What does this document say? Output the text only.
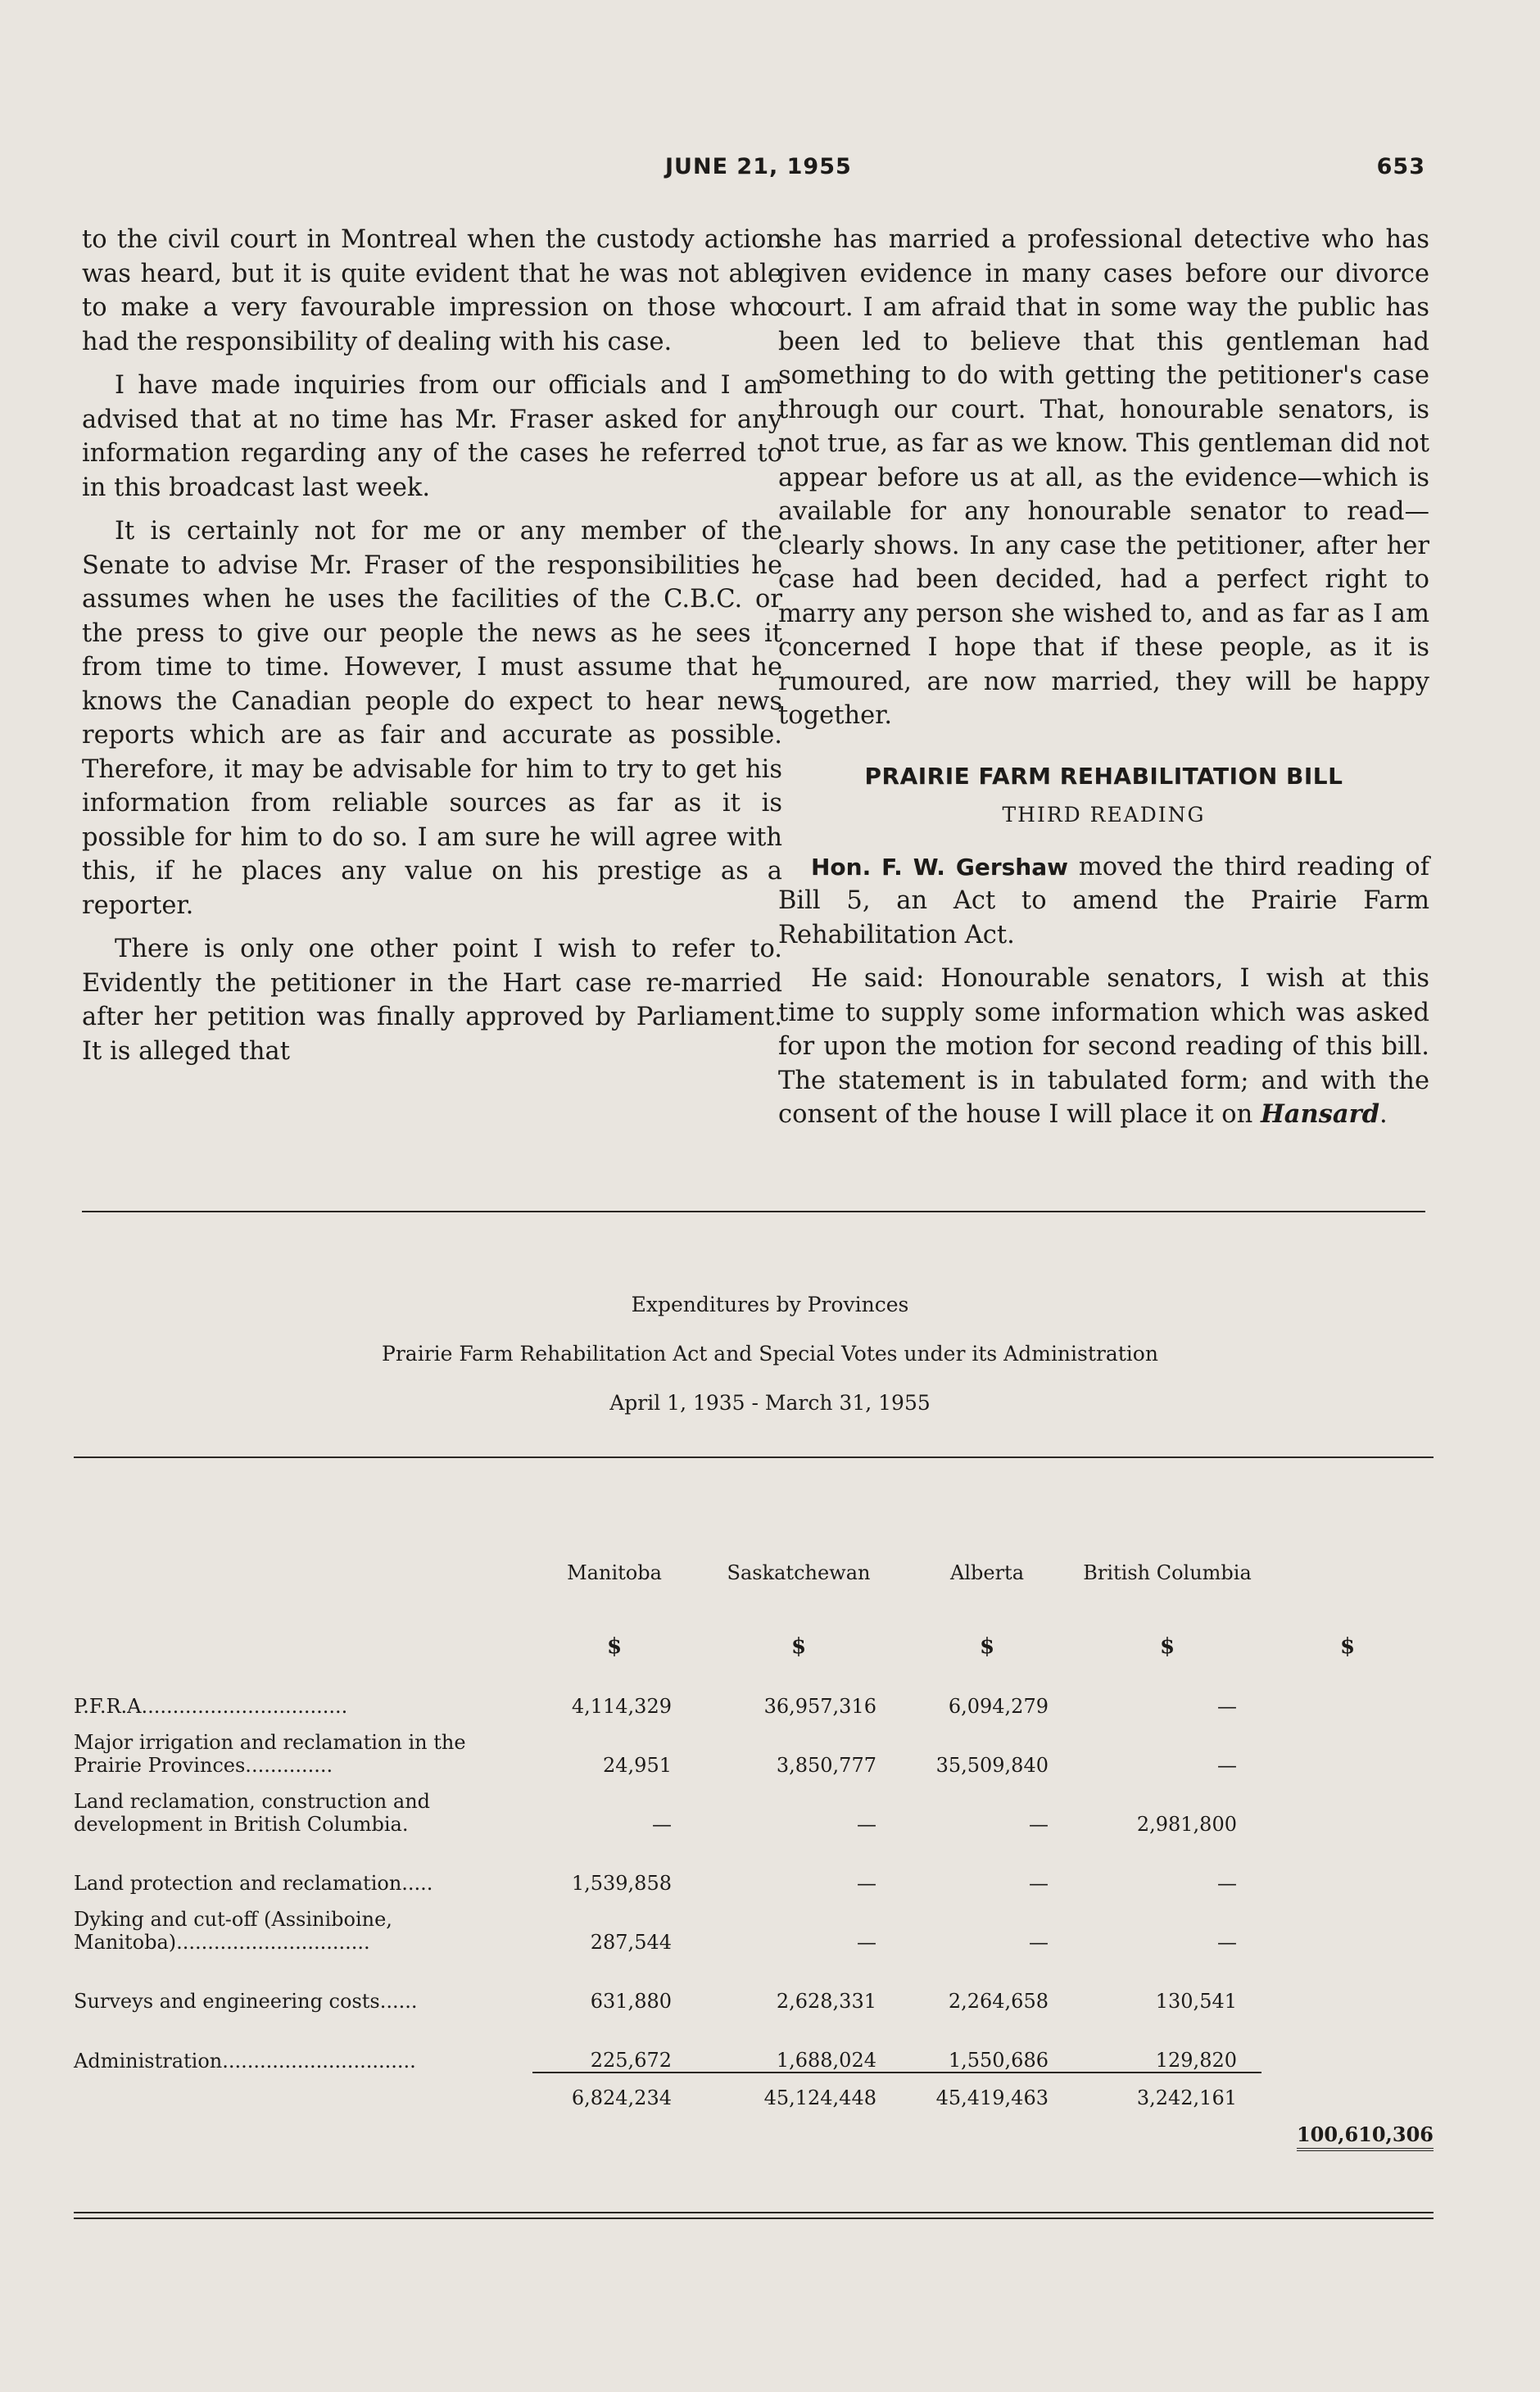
JUNE 21, 1955	653

to the civil court in Montreal when the custody action was heard, but it is quite evident that he was not able to make a very favourable impression on those who had the responsibility of dealing with his case.

I have made inquiries from our officials and I am advised that at no time has Mr. Fraser asked for any information regarding any of the cases he referred to in this broadcast last week.

It is certainly not for me or any member of the Senate to advise Mr. Fraser of the responsibilities he assumes when he uses the facilities of the C.B.C. or the press to give our people the news as he sees it from time to time. However, I must assume that he knows the Canadian people do expect to hear news reports which are as fair and accurate as possible. Therefore, it may be advisable for him to try to get his information from reliable sources as far as it is possible for him to do so. I am sure he will agree with this, if he places any value on his prestige as a reporter.

There is only one other point I wish to refer to. Evidently the petitioner in the Hart case re-married after her petition was finally approved by Parliament. It is alleged that

she has married a professional detective who has given evidence in many cases before our divorce court. I am afraid that in some way the public has been led to believe that this gentleman had something to do with getting the petitioner's case through our court. That, honourable senators, is not true, as far as we know. This gentleman did not appear before us at all, as the evidence—which is available for any honourable senator to read—clearly shows. In any case the petitioner, after her case had been decided, had a perfect right to marry any person she wished to, and as far as I am concerned I hope that if these people, as it is rumoured, are now married, they will be happy together.

PRAIRIE FARM REHABILITATION BILL
THIRD READING

Hon. F. W. Gershaw moved the third reading of Bill 5, an Act to amend the Prairie Farm Rehabilitation Act.

He said: Honourable senators, I wish at this time to supply some information which was asked for upon the motion for second reading of this bill. The statement is in tabulated form; and with the consent of the house I will place it on Hansard.

Expenditures by Provinces
Prairie Farm Rehabilitation Act and Special Votes under its Administration
April 1, 1935 - March 31, 1955
	Manitoba	Saskatchewan	Alberta	British Columbia	
	$	$	$	$	$
P.F.R.A.................................	4,114,329	36,957,316	6,094,279	—	
Major irrigation and reclamation in the Prairie Provinces..............	24,951	3,850,777	35,509,840	—	
Land reclamation, construction and development in British Columbia.	—	—	—	2,981,800	
Land protection and reclamation.....	1,539,858	—	—	—	
Dyking and cut-off (Assiniboine, Manitoba)...............................	287,544	—	—	—	
Surveys and engineering costs......	631,880	2,628,331	2,264,658	130,541	
Administration...............................	225,672	1,688,024	1,550,686	129,820	
	6,824,234	45,124,448	45,419,463	3,242,161	
					100,610,306
